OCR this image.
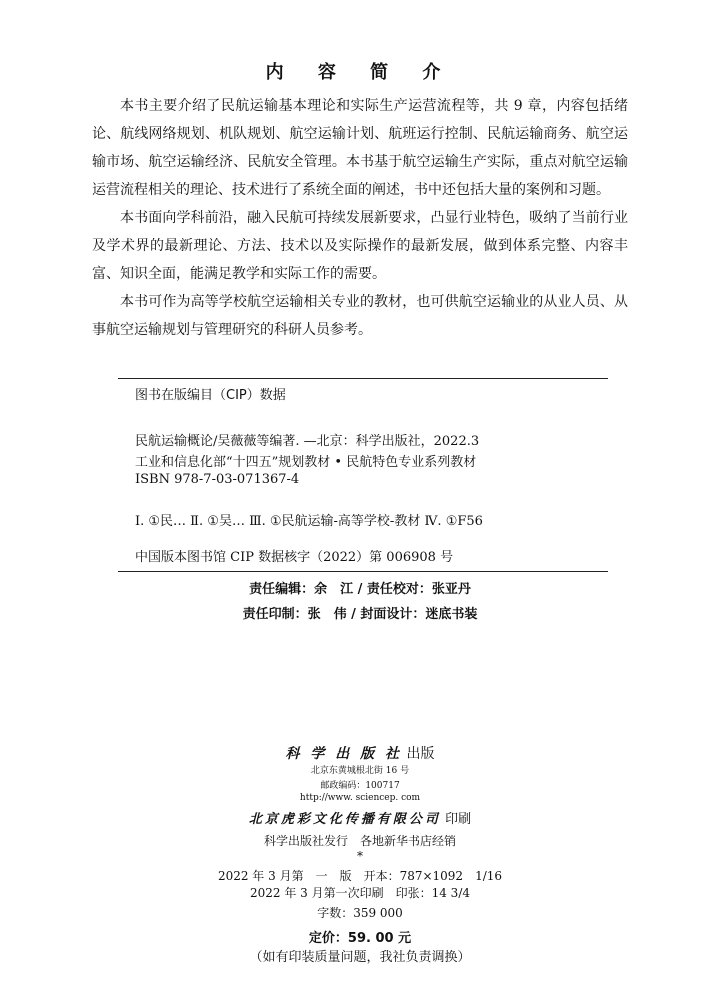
内 容 简 介

本书主要介绍了民航运输基本理论和实际生产运营流程等，共 9 章，内容包括绪论、航线网络规划、机队规划、航空运输计划、航班运行控制、民航运输商务、航空运输市场、航空运输经济、民航安全管理。本书基于航空运输生产实际，重点对航空运输运营流程相关的理论、技术进行了系统全面的阐述，书中还包括大量的案例和习题。

本书面向学科前沿，融入民航可持续发展新要求，凸显行业特色，吸纳了当前行业及学术界的最新理论、方法、技术以及实际操作的最新发展，做到体系完整、内容丰富、知识全面，能满足教学和实际工作的需要。

本书可作为高等学校航空运输相关专业的教材，也可供航空运输业的从业人员、从事航空运输规划与管理研究的科研人员参考。

图书在版编目（CIP）数据
民航运输概论/吴薇薇等编著. —北京：科学出版社，2022.3
工业和信息化部“十四五”规划教材 • 民航特色专业系列教材
ISBN 978-7-03-071367-4
Ⅰ. ①民… Ⅱ. ①吴… Ⅲ. ①民航运输-高等学校-教材 Ⅳ. ①F56
中国版本图书馆 CIP 数据核字（2022）第 006908 号
责任编辑：余　江 / 责任校对：张亚丹
责任印制：张　伟 / 封面设计：迷底书装
科 学 出 版 社 出版
北京东黄城根北街 16 号
邮政编码：100717
http://www. sciencep. com
北京虎彩文化传播有限公司 印刷
科学出版社发行　各地新华书店经销
*
2022 年 3 月第　一　版　开本：787×1092　1/16
2022 年 3 月第一次印刷　印张：14 3/4
字数：359 000
定价：59. 00 元
（如有印装质量问题，我社负责调换）
